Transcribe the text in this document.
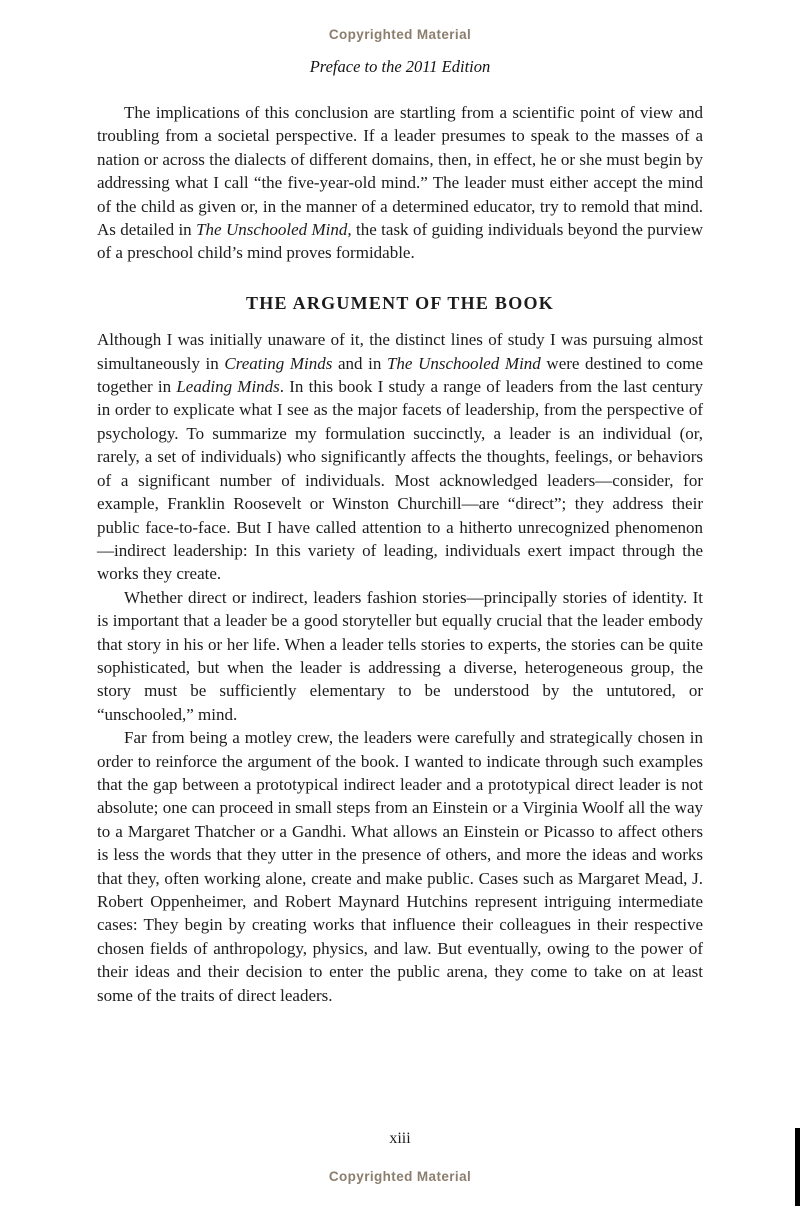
Copyrighted Material
Preface to the 2011 Edition

The implications of this conclusion are startling from a scientific point of view and troubling from a societal perspective. If a leader presumes to speak to the masses of a nation or across the dialects of different domains, then, in effect, he or she must begin by addressing what I call “the five-year-old mind.” The leader must either accept the mind of the child as given or, in the manner of a determined educator, try to remold that mind. As detailed in The Unschooled Mind, the task of guiding individuals beyond the purview of a preschool child’s mind proves formidable.

THE ARGUMENT OF THE BOOK

Although I was initially unaware of it, the distinct lines of study I was pursuing almost simultaneously in Creating Minds and in The Unschooled Mind were destined to come together in Leading Minds. In this book I study a range of leaders from the last century in order to explicate what I see as the major facets of leadership, from the perspective of psychology. To summarize my formulation succinctly, a leader is an individual (or, rarely, a set of individuals) who significantly affects the thoughts, feelings, or behaviors of a significant number of individuals. Most acknowledged leaders—consider, for example, Franklin Roosevelt or Winston Churchill—are “direct”; they address their public face-to-face. But I have called attention to a hitherto unrecognized phenomenon—indirect leadership: In this variety of leading, individuals exert impact through the works they create.

Whether direct or indirect, leaders fashion stories—principally stories of identity. It is important that a leader be a good storyteller but equally crucial that the leader embody that story in his or her life. When a leader tells stories to experts, the stories can be quite sophisticated, but when the leader is addressing a diverse, heterogeneous group, the story must be sufficiently elementary to be understood by the untutored, or “unschooled,” mind.

Far from being a motley crew, the leaders were carefully and strategically chosen in order to reinforce the argument of the book. I wanted to indicate through such examples that the gap between a prototypical indirect leader and a prototypical direct leader is not absolute; one can proceed in small steps from an Einstein or a Virginia Woolf all the way to a Margaret Thatcher or a Gandhi. What allows an Einstein or Picasso to affect others is less the words that they utter in the presence of others, and more the ideas and works that they, often working alone, create and make public. Cases such as Margaret Mead, J. Robert Oppenheimer, and Robert Maynard Hutchins represent intriguing intermediate cases: They begin by creating works that influence their colleagues in their respective chosen fields of anthropology, physics, and law. But eventually, owing to the power of their ideas and their decision to enter the public arena, they come to take on at least some of the traits of direct leaders.

xiii
Copyrighted Material
